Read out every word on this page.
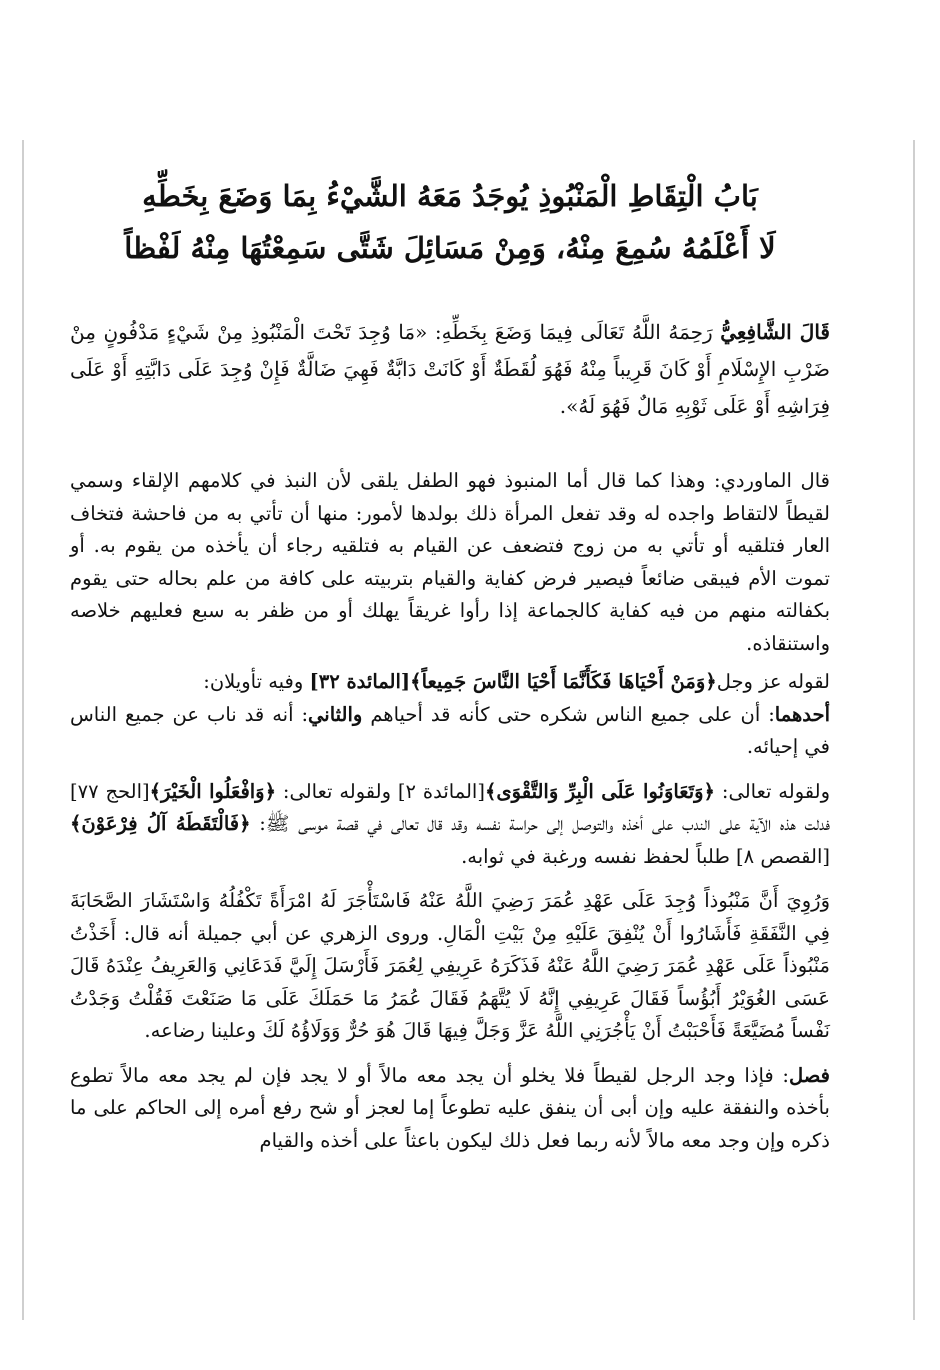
بَابُ الْتِقَاطِ الْمَنْبُوذِ يُوجَدُ مَعَهُ الشَّيْءُ بِمَا وَضَعَ بِخَطِّهِ
لَا أَعْلَمُهُ سُمِعَ مِنْهُ، وَمِنْ مَسَائِلَ شَتَّى سَمِعْتُهَا مِنْهُ لَفْظاً

قَالَ الشَّافِعِيُّ رَحِمَهُ اللَّهُ تَعَالَى فِيمَا وَضَعَ بِخَطِّهِ: «مَا وُجِدَ تَحْتَ الْمَنْبُوذِ مِنْ شَيْءٍ مَدْفُونٍ مِنْ ضَرْبِ الإِسْلَامِ أَوْ كَانَ قَرِيباً مِنْهُ فَهُوَ لُقَطَةٌ أَوْ كَانَتْ دَابَّةٌ فَهِيَ ضَالَّةٌ فَإِنْ وُجِدَ عَلَى دَابَّتِهِ أَوْ عَلَى فِرَاشِهِ أَوْ عَلَى ثَوْبِهِ مَالٌ فَهُوَ لَهُ».

قال الماوردي: وهذا كما قال أما المنبوذ فهو الطفل يلقى لأن النبذ في كلامهم الإلقاء وسمي لقيطاً لالتقاط واجده له وقد تفعل المرأة ذلك بولدها لأمور: منها أن تأتي به من فاحشة فتخاف العار فتلقيه أو تأتي به من زوج فتضعف عن القيام به فتلقيه رجاء أن يأخذه من يقوم به. أو تموت الأم فيبقى ضائعاً فيصير فرض كفاية والقيام بتربيته على كافة من علم بحاله حتى يقوم بكفالته منهم من فيه كفاية كالجماعة إذا رأوا غريقاً يهلك أو من ظفر به سبع فعليهم خلاصه واستنقاذه.

لقوله عز وجل﴿وَمَنْ أَحْيَاهَا فَكَأَنَّمَا أَحْيَا النَّاسَ جَمِيعاً﴾[المائدة ٣٢] وفيه تأويلان:

أحدهما: أن على جميع الناس شكره حتى كأنه قد أحياهم والثاني: أنه قد ناب عن جميع الناس في إحيائه.

ولقوله تعالى: ﴿وَتَعَاوَنُوا عَلَى الْبِرِّ وَالتَّقْوَى﴾[المائدة ٢] ولقوله تعالى: ﴿وَافْعَلُوا الْخَيْرَ﴾[الحج ٧٧] فدلت هذه الآية على الندب على أخذه والتوصل إلى حراسة نفسه وقد قال تعالى في قصة موسى ﷺ: ﴿فَالْتَقَطَهُ آلُ فِرْعَوْنَ﴾[القصص ٨] طلباً لحفظ نفسه ورغبة في ثوابه.

وَرُوِيَ أَنَّ مَنْبُوذاً وُجِدَ عَلَى عَهْدِ عُمَرَ رَضِيَ اللَّهُ عَنْهُ فَاسْتَأْجَرَ لَهُ امْرَأَةً تَكْفُلُهُ وَاسْتَشَارَ الصَّحَابَةَ فِي النَّفَقَةِ فَأَشَارُوا أَنْ يُنْفِقَ عَلَيْهِ مِنْ بَيْتِ الْمَالِ. وروى الزهري عن أبي جميلة أنه قال: أَخَذْتُ مَنْبُوذاً عَلَى عَهْدِ عُمَرَ رَضِيَ اللَّهُ عَنْهُ فَذَكَرَهُ عَرِيفِي لِعُمَرَ فَأَرْسَلَ إِلَيَّ فَدَعَانِي وَالعَرِيفُ عِنْدَهُ قَالَ عَسَى الغُوَيْرُ أَبُؤُساً فَقَالَ عَرِيفِي إِنَّهُ لَا يُتَّهَمُ فَقَالَ عُمَرُ مَا حَمَلَكَ عَلَى مَا صَنَعْتَ فَقُلْتُ وَجَدْتُ نَفْساً مُضَيَّعَةً فَأَحْبَبْتُ أَنْ يَأْجُرَنِي اللَّهُ عَزَّ وَجَلَّ فِيهَا قَالَ هُوَ حُرٌّ وَوَلَاؤُهُ لَكَ وعلينا رضاعه.

فصل: فإذا وجد الرجل لقيطاً فلا يخلو أن يجد معه مالاً أو لا يجد فإن لم يجد معه مالاً تطوع بأخذه والنفقة عليه وإن أبى أن ينفق عليه تطوعاً إما لعجز أو شح رفع أمره إلى الحاكم على ما ذكره وإن وجد معه مالاً لأنه ربما فعل ذلك ليكون باعثاً على أخذه والقيام
